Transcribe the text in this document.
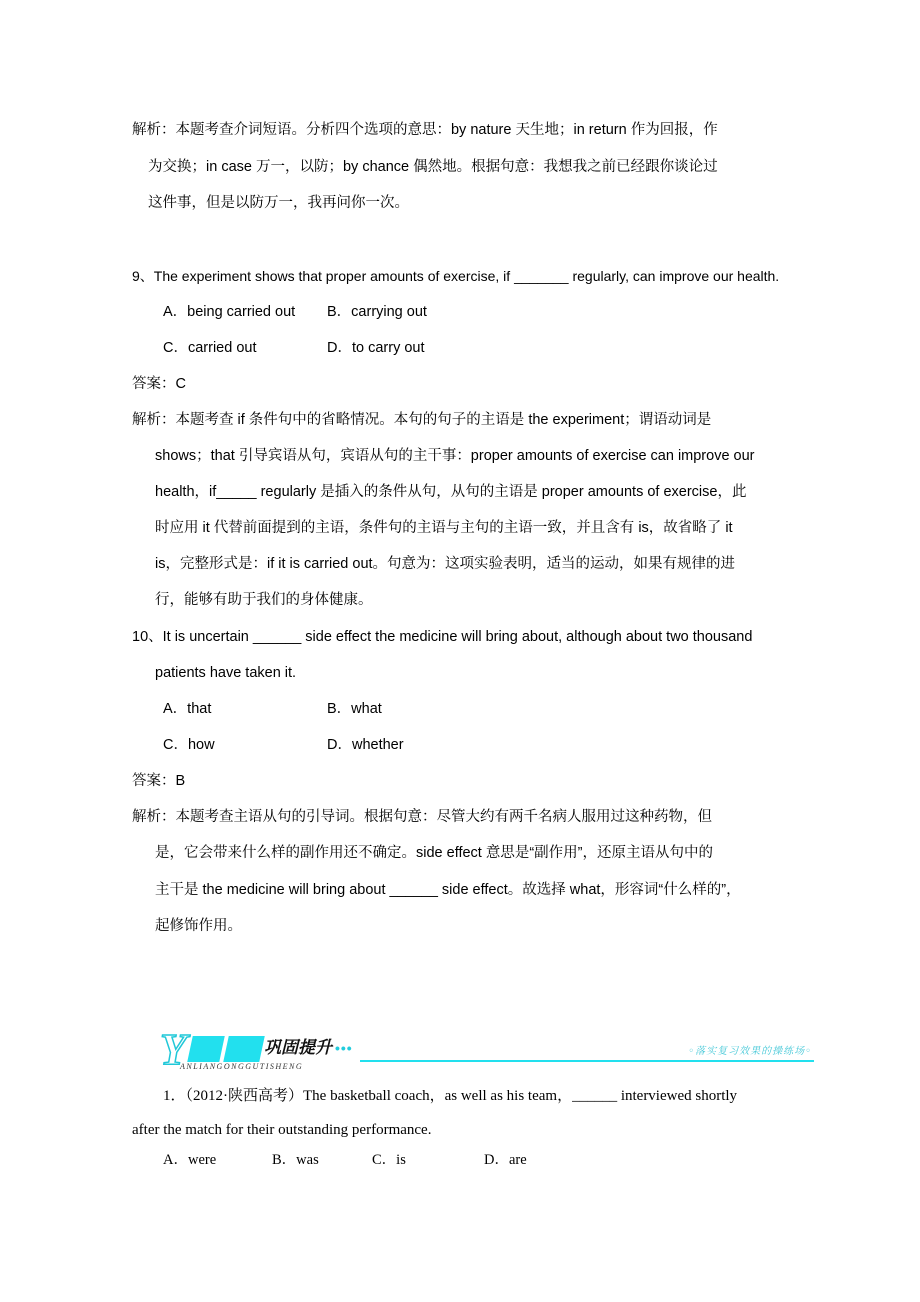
解析：本题考查介词短语。分析四个选项的意思：by nature 天生地；in return 作为回报，作
为交换；in case 万一，以防；by chance 偶然地。根据句意：我想我之前已经跟你谈论过
这件事，但是以防万一，我再问你一次。
9、The experiment shows that proper amounts of exercise, if _______ regularly, can improve our health.
A．being carried out B．carrying out
C．carried out	D．to carry out
答案：C
解析：本题考查 if 条件句中的省略情况。本句的句子的主语是 the experiment；谓语动词是
shows；that 引导宾语从句，宾语从句的主干事：proper amounts of exercise can improve our
health，if_____ regularly 是插入的条件从句，从句的主语是 proper amounts of exercise，此
时应用 it 代替前面提到的主语，条件句的主语与主句的主语一致，并且含有 is，故省略了 it
is，完整形式是：if it is carried out。句意为：这项实验表明，适当的运动，如果有规律的进
行，能够有助于我们的身体健康。
10、It is uncertain ______ side effect the medicine will bring about, although about two thousand
patients have taken it.
A．that	B．what
C．how	D．whether
答案：B
解析：本题考查主语从句的引导词。根据句意：尽管大约有两千名病人服用过这种药物，但
是，它会带来什么样的副作用还不确定。side effect 意思是“副作用”，还原主语从句中的
主干是 the medicine will bring about ______ side effect。故选择 what，形容词“什么样的”，
起修饰作用。
Y	巩固提升 •••
ANLIANGONGGUTISHENG
◦落实复习效果的操练场◦
1．（2012·陕西高考）The basketball coach，as well as his team，______ interviewed shortly
after the match for their outstanding performance.
A．were	B．was	C．is	D．are
